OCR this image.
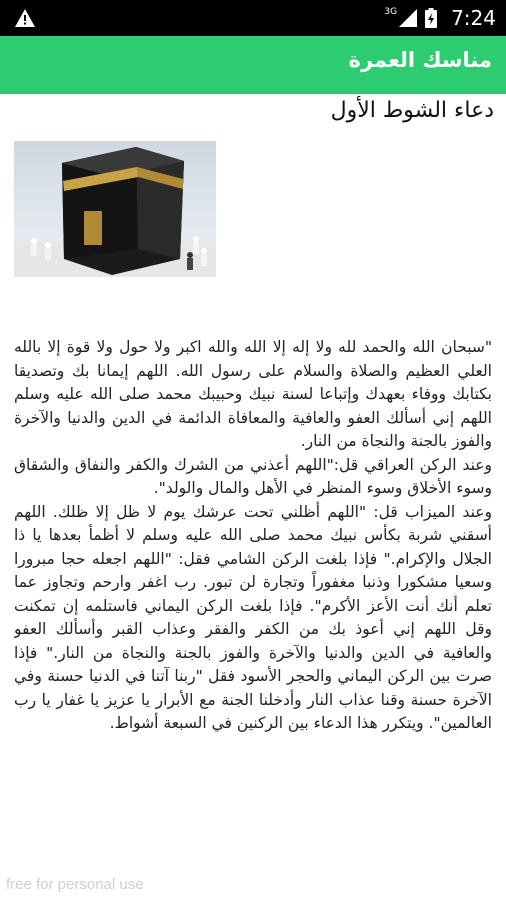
3G	7:24
مناسك العمرة
دعاء الشوط الأول

"سبحان الله والحمد لله ولا إله إلا الله والله اكبر ولا حول ولا قوة إلا بالله العلي العظيم والصلاة والسلام على رسول الله. اللهم إيمانا بك وتصديقا بكتابك ووفاء بعهدك وإتباعا لسنة نبيك وحبيبك محمد صلى الله عليه وسلم اللهم إني أسألك العفو والعافية والمعافاة الدائمة في الدين والدنيا والآخرة والفوز بالجنة والنجاة من النار.

وعند الركن العراقي قل:"اللهم أعذني من الشرك والكفر والنفاق والشقاق وسوء الأخلاق وسوء المنظر في الأهل والمال والولد".

وعند الميزاب قل: "اللهم أظلني تحت عرشك يوم لا ظل إلا ظلك. اللهم أسقني شربة بكأس نبيك محمد صلى الله عليه وسلم لا أظمأ بعدها يا ذا الجلال والإكرام." فإذا بلغت الركن الشامي فقل: "اللهم اجعله حجا مبرورا وسعيا مشكورا وذنبا مغفوراً وتجارة لن تبور. رب اغفر وارحم وتجاوز عما تعلم أنك أنت الأعز الأكرم". فإذا بلغت الركن اليماني فاستلمه إن تمكنت وقل اللهم إني أعوذ بك من الكفر والفقر وعذاب القبر وأسألك العفو والعافية في الدين والدنيا والآخرة والفوز بالجنة والنجاة من النار." فإذا صرت بين الركن اليماني والحجر الأسود فقل "ربنا آتنا في الدنيا حسنة وفي الآخرة حسنة وقنا عذاب النار وأدخلنا الجنة مع الأبرار يا عزيز يا غفار يا رب العالمين". ويتكرر هذا الدعاء بين الركنين في السبعة أشواط.

free for personal use
